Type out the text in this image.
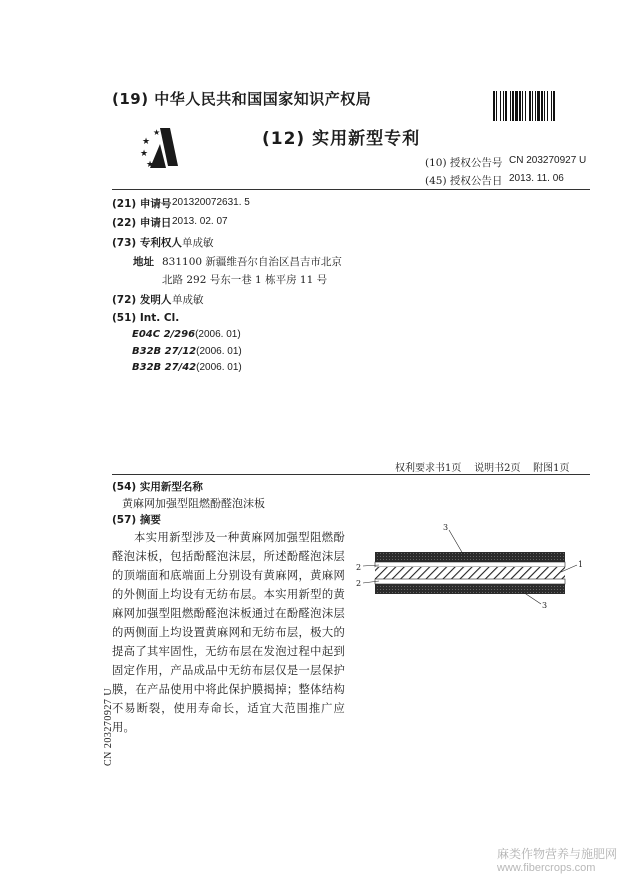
(19) 中华人民共和国国家知识产权局
★
★
★
★	(12) 实用新型专利
(10) 授权公告号 CN 203270927 U
(45) 授权公告日 2013. 11. 06
(21) 申请号 201320072631. 5
(22) 申请日 2013. 02. 07
(73) 专利权人 单成敏
地址 831100 新疆维吾尔自治区昌吉市北京
北路 292 号东一巷 1 栋平房 11 号
(72) 发明人 单成敏
(51) Int. Cl.
E04C 2/296(2006. 01)
B32B 27/12(2006. 01)
B32B 27/42(2006. 01)
权利要求书1页    说明书2页    附图1页
(54) 实用新型名称
黄麻网加强型阻燃酚醛泡沫板
(57) 摘要

本实用新型涉及一种黄麻网加强型阻燃酚醛泡沫板，包括酚醛泡沫层，所述酚醛泡沫层的顶端面和底端面上分别设有黄麻网，黄麻网的外侧面上均设有无纺布层。本实用新型的黄麻网加强型阻燃酚醛泡沫板通过在酚醛泡沫层的两侧面上均设置黄麻网和无纺布层，极大的提高了其牢固性，无纺布层在发泡过程中起到固定作用，产品成品中无纺布层仅是一层保护膜，在产品使用中将此保护膜揭掉；整体结构不易断裂，使用寿命长，适宜大范围推广应用。

3
2	1
2
3
CN 203270927 U
麻类作物营养与施肥网
www.fibercrops.com
